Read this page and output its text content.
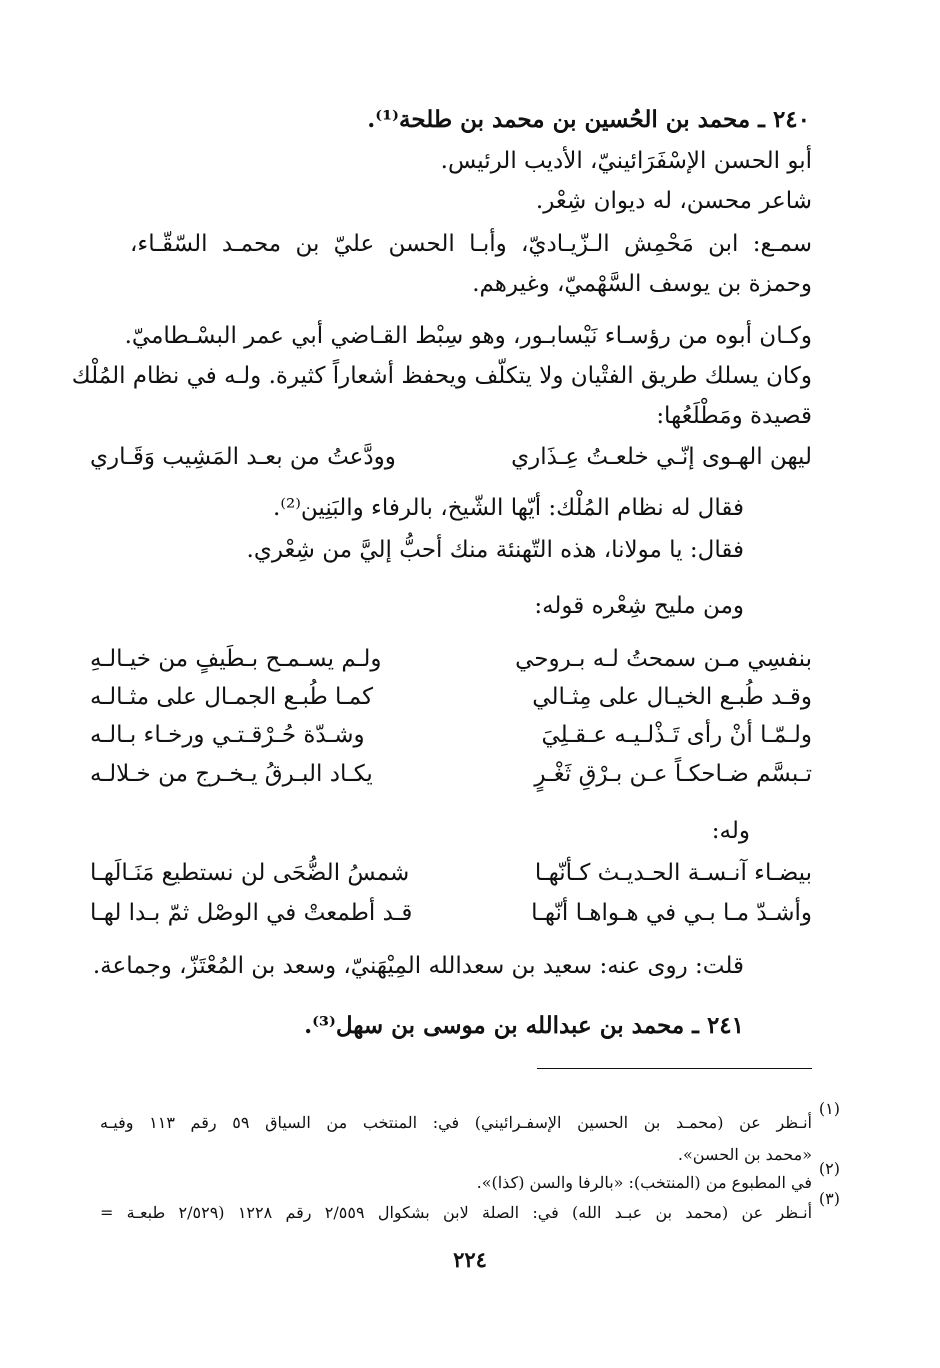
٢٤٠ ـ محمد بن الحُسين بن محمد بن طلحة⁽¹⁾.

أبو الحسن الإسْفَرَائينيّ، الأديب الرئيس.

شاعر محسن، له ديوان شِعْر.

سمـع: ابن مَحْمِش الـزّيـاديّ، وأبـا الحسن عليّ بن محمـد السّقّـاء،

وحمزة بن يوسف السَّهْميّ، وغيرهم.

وكـان أبوه من رؤسـاء نَيْسابـور، وهو سِبْط القـاضي أبي عمر البسْـطاميّ.

وكان يسلك طريق الفتْيان ولا يتكلّف ويحفظ أشعاراً كثيرة. ولـه في نظام المُلْك

قصيدة ومَطْلَعُها:

ليهن الهـوى إنّـي خلعـتُ عِـذَاري
وودَّعتُ من بعـد المَشِيب وَقَـاري

فقال له نظام المُلْك: أيّها الشّيخ، بالرفاء والبَنِين⁽²⁾.

فقال: يا مولانا، هذه التّهنئة منك أحبُّ إليَّ من شِعْري.

ومن مليح شِعْره قوله:

بنفسِي مـن سمحتُ لـه بـروحي
ولـم يسـمـح بـطَيفٍ من خيـالـهِ
وقـد طُبـع الخيـال على مِثـالي
كمـا طُبـع الجمـال على مثـالـه
ولـمّـا أنْ رأى تَـذْلـيـه عـقـلِيَ
وشـدّة حُـرْقـتـي ورخـاء بـالـه
تـبسَّم ضـاحكـاً عـن بـرْقِ ثَغْـرٍ
يكـاد البـرقُ يـخـرج من خـلالـه

وله:

بيضـاء آنـسـة الحـديـث كـأنّهـا
شمسُ الضُّحَى لن نستطيع مَنَـالَهـا
وأشـدّ مـا بـي في هـواهـا أنّهـا
قـد أطمعتْ في الوصْل ثمّ بـدا لهـا

قلت: روى عنه: سعيد بن سعدالله المِيْهَنيّ، وسعد بن المُعْتَزّ، وجماعة.

٢٤١ ـ محمد بن عبدالله بن موسى بن سهل⁽³⁾.

(١)

أنـظر عن (محمـد بن الحسين الإسفـرائيني) في: المنتخب من السياق ٥٩ رقم ١١٣ وفيـه

«محمد بن الحسن».

(٢)

في المطبوع من (المنتخب): «بالرفا والسن (كذا)».

(٣)

أنـظر عن (محمد بن عبـد الله) في: الصلة لابن بشكوال ٢/٥٥٩ رقم ١٢٢٨ (٢/٥٢٩ طبعـة =

٢٢٤
